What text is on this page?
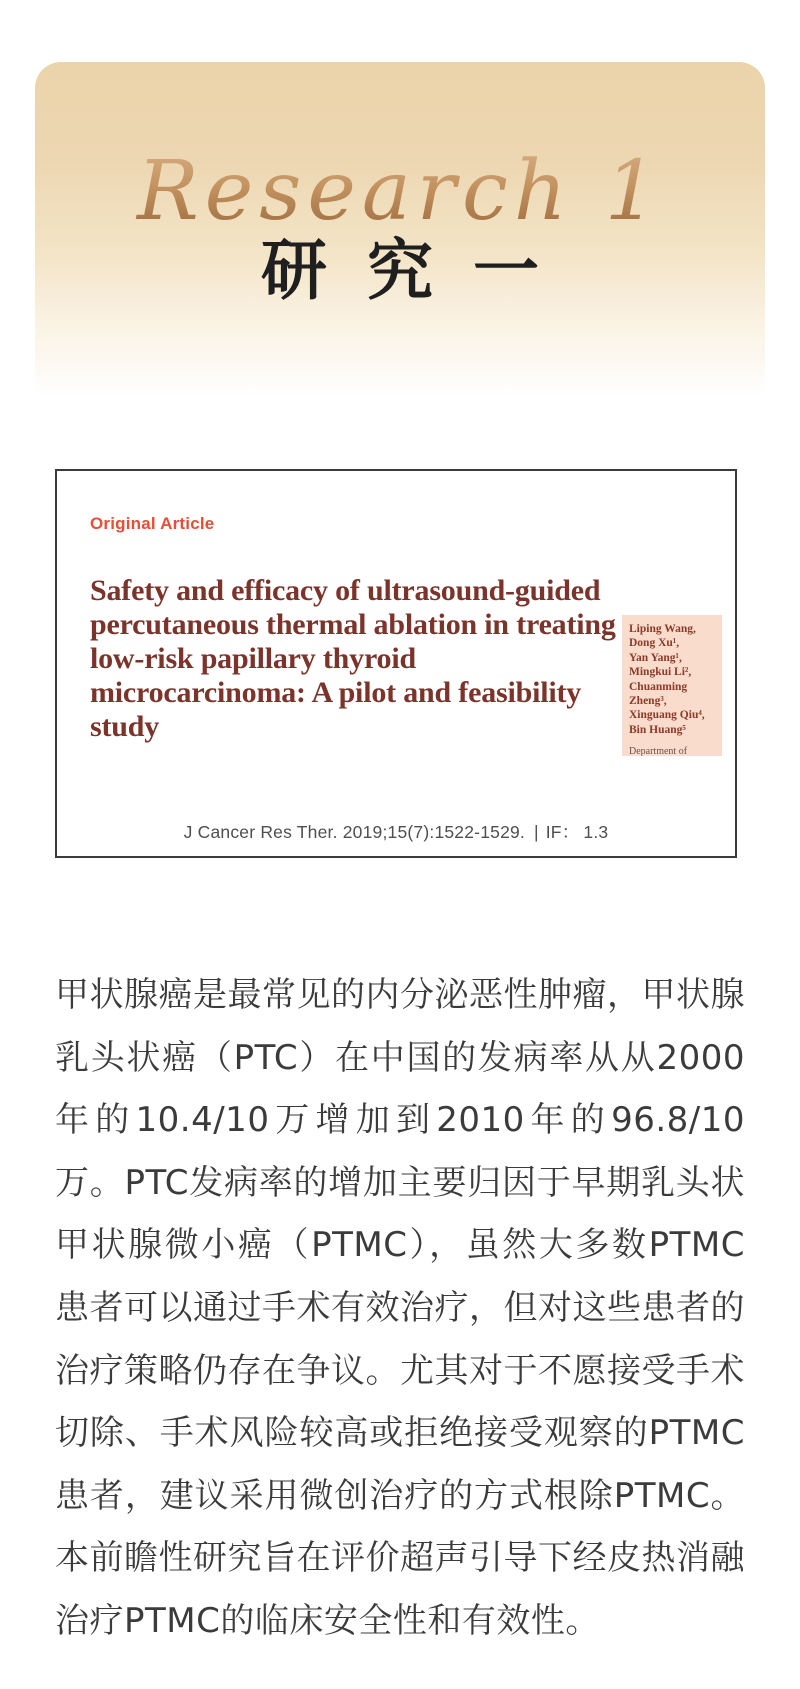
Research 1
研究一
Original Article
Safety and efficacy of ultrasound-guided percutaneous thermal ablation in treating low-risk papillary thyroid microcarcinoma: A pilot and feasibility study
Liping Wang,
Dong Xu¹,
Yan Yang¹,
Mingkui Li²,
Chuanming Zheng³,
Xinguang Qiu⁴,
Bin Huang⁵
Department of
J Cancer Res Ther. 2019;15(7):1522-1529. | IF： 1.3
甲状腺癌是最常见的内分泌恶性肿瘤，甲状腺乳头状癌（PTC）在中国的发病率从从2000年的10.4/10万增加到2010年的96.8/10万。PTC发病率的增加主要归因于早期乳头状甲状腺微小癌（PTMC），虽然大多数PTMC患者可以通过手术有效治疗，但对这些患者的治疗策略仍存在争议。尤其对于不愿接受手术切除、手术风险较高或拒绝接受观察的PTMC患者，建议采用微创治疗的方式根除PTMC。本前瞻性研究旨在评价超声引导下经皮热消融治疗PTMC的临床安全性和有效性。
